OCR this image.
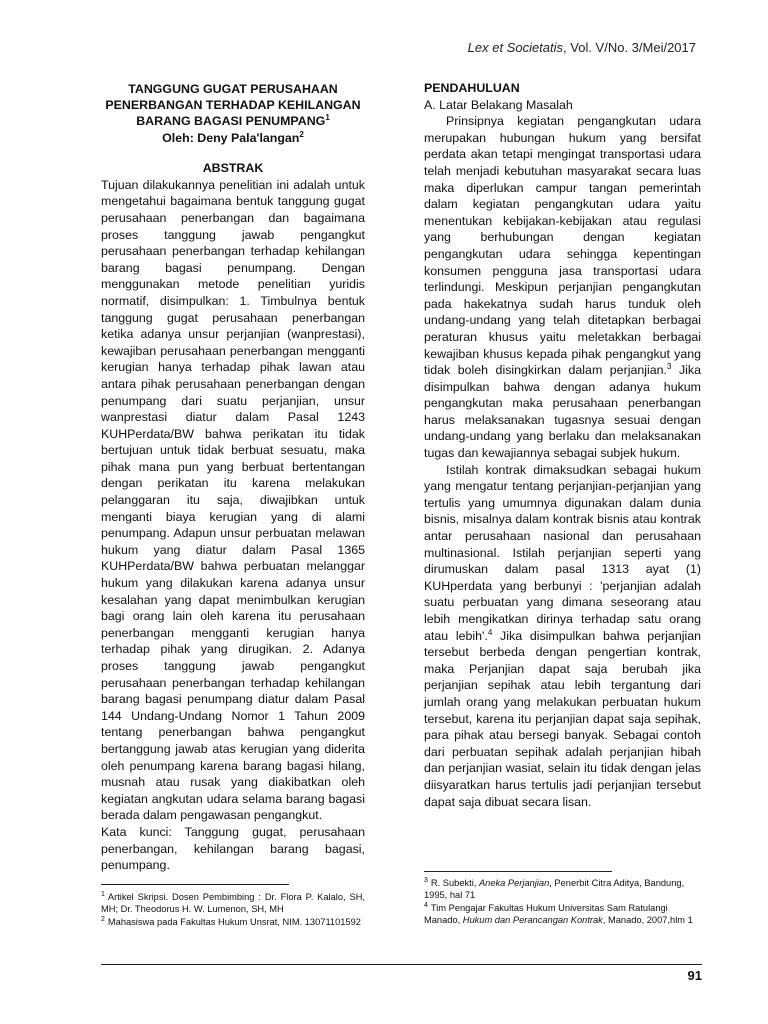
Lex et Societatis, Vol. V/No. 3/Mei/2017
TANGGUNG GUGAT PERUSAHAAN
PENERBANGAN TERHADAP KEHILANGAN
BARANG BAGASI PENUMPANG$^1$
Oleh: Deny Pala'langan$^2$
ABSTRAK

Tujuan dilakukannya penelitian ini adalah untuk mengetahui bagaimana bentuk tanggung gugat perusahaan penerbangan dan bagaimana proses tanggung jawab pengangkut perusahaan penerbangan terhadap kehilangan barang bagasi penumpang. Dengan menggunakan metode penelitian yuridis normatif, disimpulkan: 1. Timbulnya bentuk tanggung gugat perusahaan penerbangan ketika adanya unsur perjanjian (wanprestasi), kewajiban perusahaan penerbangan mengganti kerugian hanya terhadap pihak lawan atau antara pihak perusahaan penerbangan dengan penumpang dari suatu perjanjian, unsur wanprestasi diatur dalam Pasal 1243 KUHPerdata/BW bahwa perikatan itu tidak bertujuan untuk tidak berbuat sesuatu, maka pihak mana pun yang berbuat bertentangan dengan perikatan itu karena melakukan pelanggaran itu saja, diwajibkan untuk menganti biaya kerugian yang di alami penumpang. Adapun unsur perbuatan melawan hukum yang diatur dalam Pasal 1365 KUHPerdata/BW bahwa perbuatan melanggar hukum yang dilakukan karena adanya unsur kesalahan yang dapat menimbulkan kerugian bagi orang lain oleh karena itu perusahaan penerbangan mengganti kerugian hanya terhadap pihak yang dirugikan. 2. Adanya proses tanggung jawab pengangkut perusahaan penerbangan terhadap kehilangan barang bagasi penumpang diatur dalam Pasal 144 Undang-Undang Nomor 1 Tahun 2009 tentang penerbangan bahwa pengangkut bertanggung jawab atas kerugian yang diderita oleh penumpang karena barang bagasi hilang, musnah atau rusak yang diakibatkan oleh kegiatan angkutan udara selama barang bagasi berada dalam pengawasan pengangkut.

Kata kunci: Tanggung gugat, perusahaan penerbangan, kehilangan barang bagasi, penumpang.

PENDAHULUAN
A. Latar Belakang Masalah

Prinsipnya kegiatan pengangkutan udara merupakan hubungan hukum yang bersifat perdata akan tetapi mengingat transportasi udara telah menjadi kebutuhan masyarakat secara luas maka diperlukan campur tangan pemerintah dalam kegiatan pengangkutan udara yaitu menentukan kebijakan-kebijakan atau regulasi yang berhubungan dengan kegiatan pengangkutan udara sehingga kepentingan konsumen pengguna jasa transportasi udara terlindungi. Meskipun perjanjian pengangkutan pada hakekatnya sudah harus tunduk oleh undang-undang yang telah ditetapkan berbagai peraturan khusus yaitu meletakkan berbagai kewajiban khusus kepada pihak pengangkut yang tidak boleh disingkirkan dalam perjanjian.$^3$ Jika disimpulkan bahwa dengan adanya hukum pengangkutan maka perusahaan penerbangan harus melaksanakan tugasnya sesuai dengan undang-undang yang berlaku dan melaksanakan tugas dan kewajiannya sebagai subjek hukum.

Istilah kontrak dimaksudkan sebagai hukum yang mengatur tentang perjanjian-perjanjian yang tertulis yang umumnya digunakan dalam dunia bisnis, misalnya dalam kontrak bisnis atau kontrak antar perusahaan nasional dan perusahaan multinasional. Istilah perjanjian seperti yang dirumuskan dalam pasal 1313 ayat (1) KUHperdata yang berbunyi : 'perjanjian adalah suatu perbuatan yang dimana seseorang atau lebih mengikatkan dirinya terhadap satu orang atau lebih'.$^4$ Jika disimpulkan bahwa perjanjian tersebut berbeda dengan pengertian kontrak, maka Perjanjian dapat saja berubah jika perjanjian sepihak atau lebih tergantung dari jumlah orang yang melakukan perbuatan hukum tersebut, karena itu perjanjian dapat saja sepihak, para pihak atau bersegi banyak. Sebagai contoh dari perbuatan sepihak adalah perjanjian hibah dan perjanjian wasiat, selain itu tidak dengan jelas diisyaratkan harus tertulis jadi perjanjian tersebut dapat saja dibuat secara lisan.

$^1$ Artikel Skripsi. Dosen Pembimbing : Dr. Flora P. Kalalo, SH, MH; Dr. Theodorus H. W. Lumenon, SH, MH

$^2$ Mahasiswa pada Fakultas Hukum Unsrat, NIM. 13071101592

$^3$ R. Subekti, Aneka Perjanjian, Penerbit Citra Aditya, Bandung, 1995, hal 71

$^4$ Tim Pengajar Fakultas Hukum Universitas Sam Ratulangi Manado, Hukum dan Perancangan Kontrak, Manado, 2007,hlm 1

91
